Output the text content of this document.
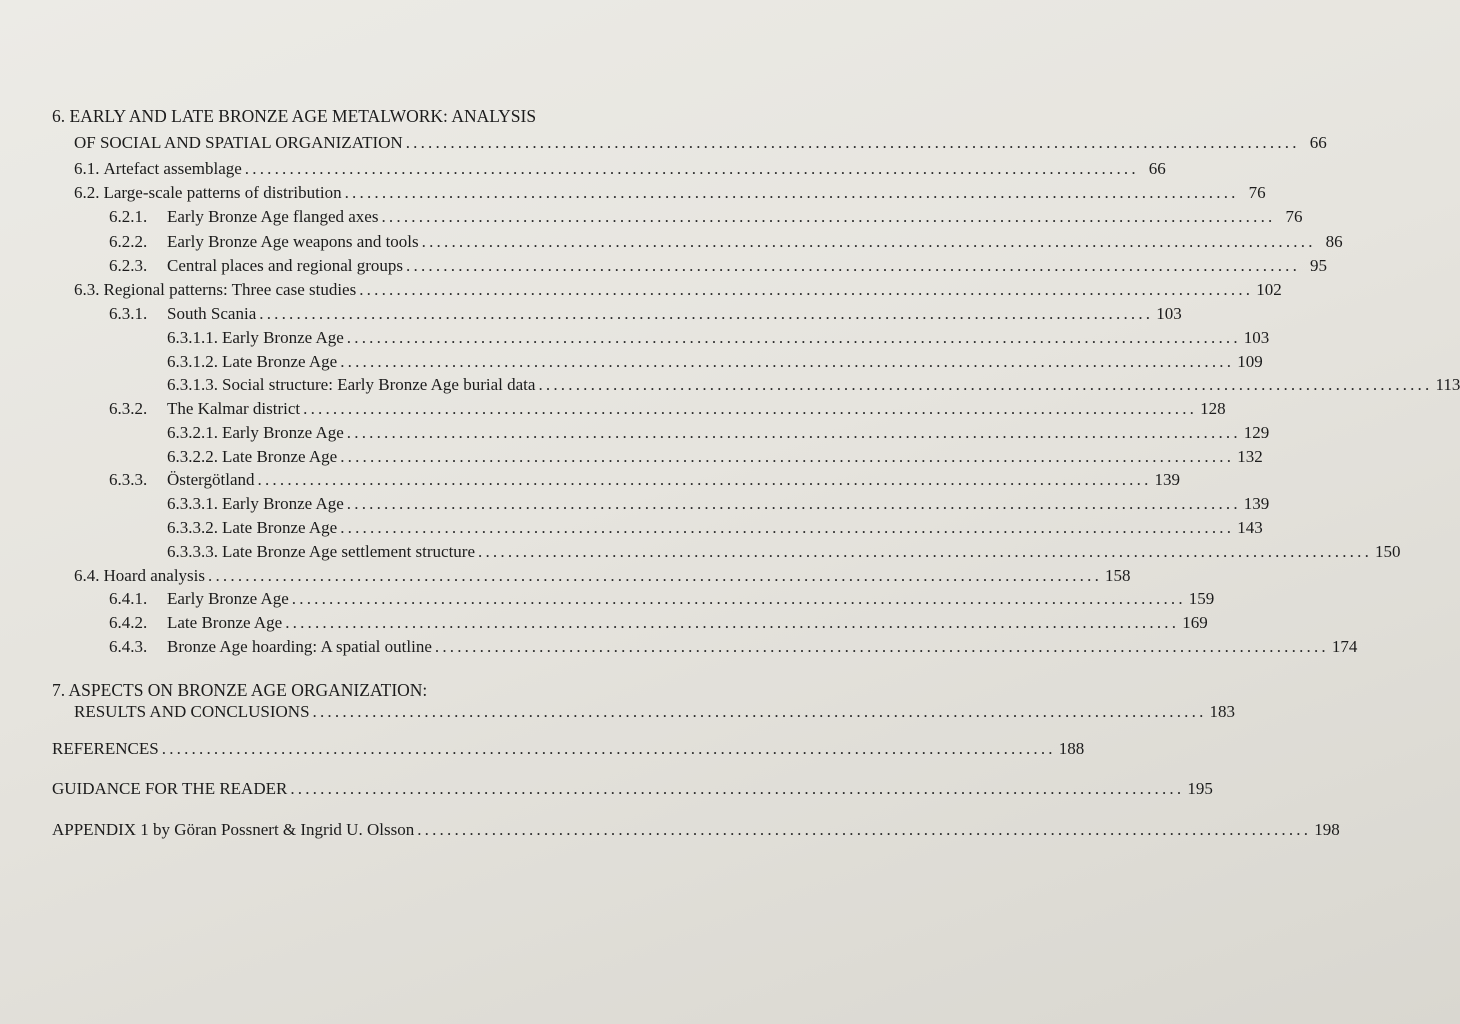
6. EARLY AND LATE BRONZE AGE METALWORK: ANALYSIS
OF SOCIAL AND SPATIAL ORGANIZATION ........................................................................................................................ 66
6.1. Artefact assemblage ........................................................................................................................ 66
6.2. Large-scale patterns of distribution ........................................................................................................................ 76
6.2.1. Early Bronze Age flanged axes ........................................................................................................................ 76
6.2.2. Early Bronze Age weapons and tools ........................................................................................................................ 86
6.2.3. Central places and regional groups ........................................................................................................................ 95
6.3. Regional patterns: Three case studies ........................................................................................................................ 102
6.3.1. South Scania ........................................................................................................................ 103
6.3.1.1. Early Bronze Age ........................................................................................................................ 103
6.3.1.2. Late Bronze Age ........................................................................................................................ 109
6.3.1.3. Social structure: Early Bronze Age burial data ........................................................................................................................ 113
6.3.2. The Kalmar district ........................................................................................................................ 128
6.3.2.1. Early Bronze Age ........................................................................................................................ 129
6.3.2.2. Late Bronze Age ........................................................................................................................ 132
6.3.3. Östergötland ........................................................................................................................ 139
6.3.3.1. Early Bronze Age ........................................................................................................................ 139
6.3.3.2. Late Bronze Age ........................................................................................................................ 143
6.3.3.3. Late Bronze Age settlement structure ........................................................................................................................ 150
6.4. Hoard analysis ........................................................................................................................ 158
6.4.1. Early Bronze Age ........................................................................................................................ 159
6.4.2. Late Bronze Age ........................................................................................................................ 169
6.4.3. Bronze Age hoarding: A spatial outline ........................................................................................................................ 174
7. ASPECTS ON BRONZE AGE ORGANIZATION:
RESULTS AND CONCLUSIONS ........................................................................................................................ 183
REFERENCES ........................................................................................................................ 188
GUIDANCE FOR THE READER ........................................................................................................................ 195
APPENDIX 1 by Göran Possnert & Ingrid U. Olsson ........................................................................................................................ 198
